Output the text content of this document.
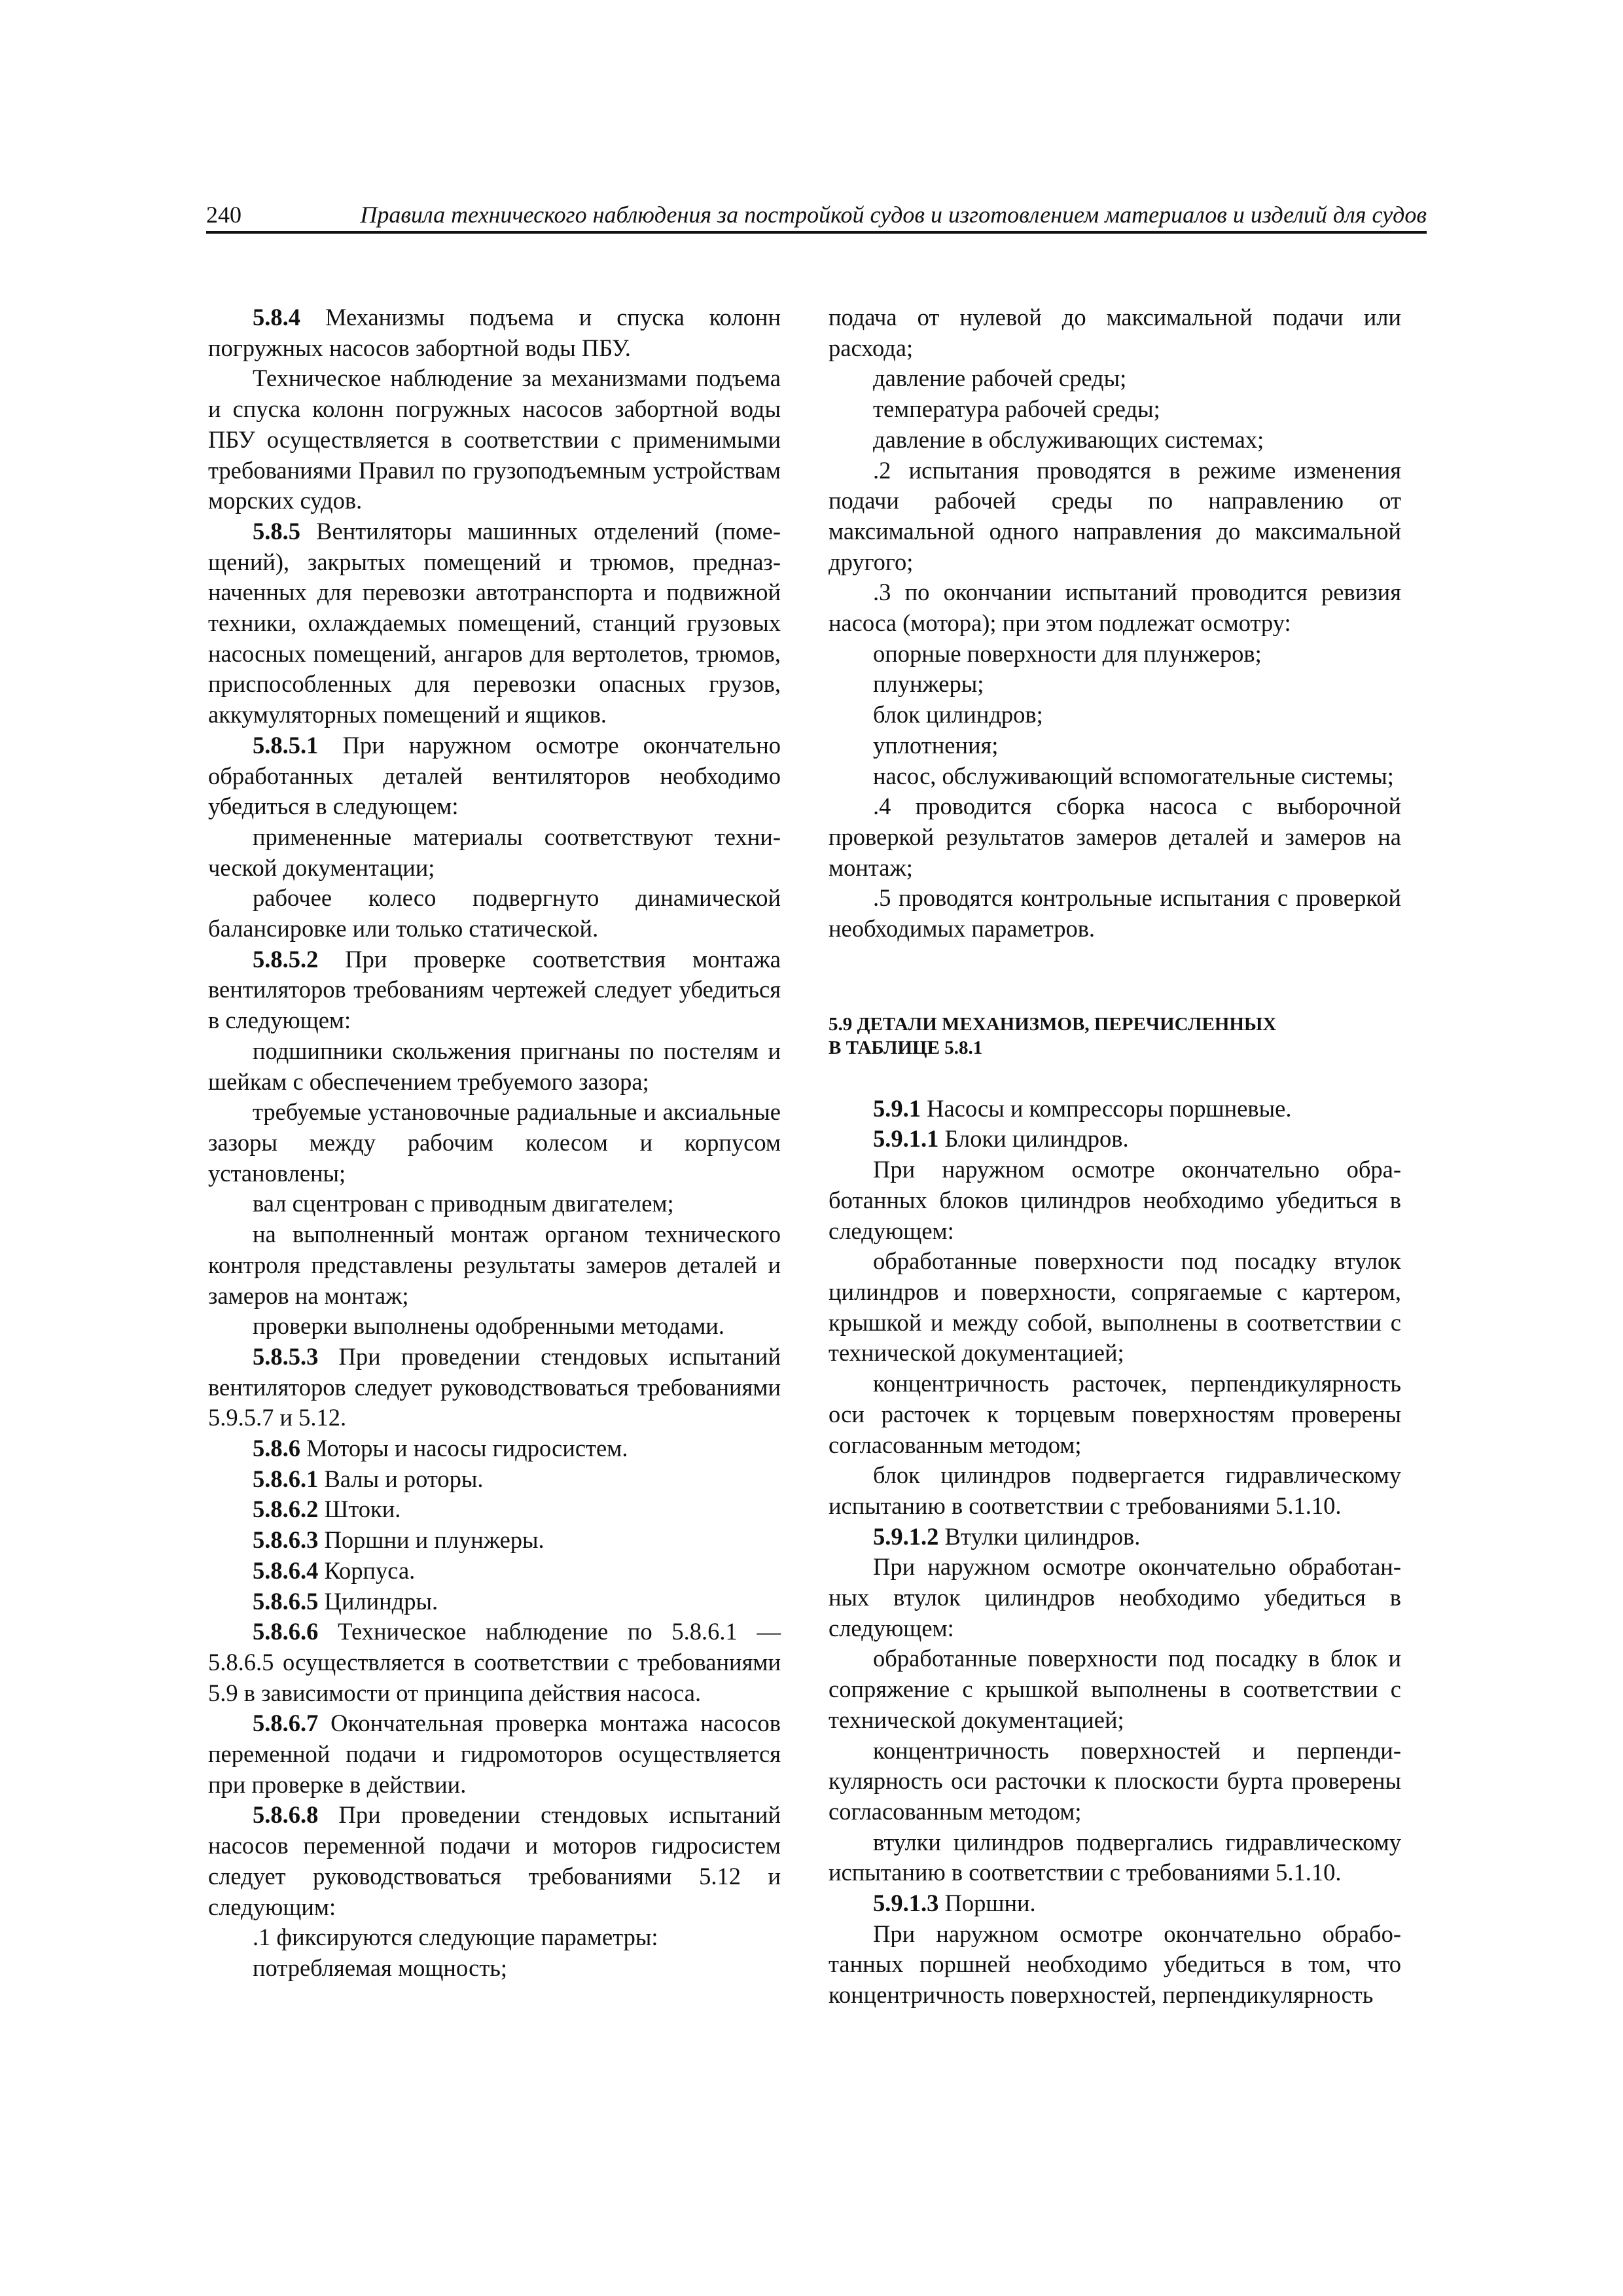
240	Правила технического наблюдения за постройкой судов и изготовлением материалов и изделий для судов

5.8.4 Механизмы подъема и спуска колонн погружных насосов забортной воды ПБУ.

Техническое наблюдение за механизмами подъема и спуска колонн погружных насосов забортной воды ПБУ осуществляется в соответствии с применимыми требованиями Правил по грузоподъемным устройствам морских судов.

5.8.5 Вентиляторы машинных отделений (помещений), закрытых помещений и трюмов, предназначенных для перевозки автотранспорта и подвижной техники, охлаждаемых помещений, станций грузовых насосных помещений, ангаров для вертолетов, трюмов, приспособленных для перевозки опасных грузов, аккумуляторных помещений и ящиков.

5.8.5.1 При наружном осмотре окончательно обработанных деталей вентиляторов необходимо убедиться в следующем:

примененные материалы соответствуют технической документации;

рабочее колесо подвергнуто динамической балансировке или только статической.

5.8.5.2 При проверке соответствия монтажа вентиляторов требованиям чертежей следует убедиться в следующем:

подшипники скольжения пригнаны по постелям и шейкам с обеспечением требуемого зазора;

требуемые установочные радиальные и аксиальные зазоры между рабочим колесом и корпусом установлены;

вал сцентрован с приводным двигателем;

на выполненный монтаж органом технического контроля представлены результаты замеров деталей и замеров на монтаж;

проверки выполнены одобренными методами.

5.8.5.3 При проведении стендовых испытаний вентиляторов следует руководствоваться требованиями 5.9.5.7 и 5.12.

5.8.6 Моторы и насосы гидросистем.

5.8.6.1 Валы и роторы.

5.8.6.2 Штоки.

5.8.6.3 Поршни и плунжеры.

5.8.6.4 Корпуса.

5.8.6.5 Цилиндры.

5.8.6.6 Техническое наблюдение по 5.8.6.1 — 5.8.6.5 осуществляется в соответствии с требованиями 5.9 в зависимости от принципа действия насоса.

5.8.6.7 Окончательная проверка монтажа насосов переменной подачи и гидромоторов осуществляется при проверке в действии.

5.8.6.8 При проведении стендовых испытаний насосов переменной подачи и моторов гидросистем следует руководствоваться требованиями 5.12 и следующим:

.1 фиксируются следующие параметры:

потребляемая мощность;

подача от нулевой до максимальной подачи или расхода;

давление рабочей среды;

температура рабочей среды;

давление в обслуживающих системах;

.2 испытания проводятся в режиме изменения подачи рабочей среды по направлению от максимальной одного направления до максимальной другого;

.3 по окончании испытаний проводится ревизия насоса (мотора); при этом подлежат осмотру:

опорные поверхности для плунжеров;

плунжеры;

блок цилиндров;

уплотнения;

насос, обслуживающий вспомогательные системы;

.4 проводится сборка насоса с выборочной проверкой результатов замеров деталей и замеров на монтаж;

.5 проводятся контрольные испытания с проверкой необходимых параметров.

5.9 ДЕТАЛИ МЕХАНИЗМОВ, ПЕРЕЧИСЛЕННЫХ
В ТАБЛИЦЕ 5.8.1

5.9.1 Насосы и компрессоры поршневые.

5.9.1.1 Блоки цилиндров.

При наружном осмотре окончательно обработанных блоков цилиндров необходимо убедиться в следующем:

обработанные поверхности под посадку втулок цилиндров и поверхности, сопрягаемые с картером, крышкой и между собой, выполнены в соответствии с технической документацией;

концентричность расточек, перпендикулярность оси расточек к торцевым поверхностям проверены согласованным методом;

блок цилиндров подвергается гидравлическому испытанию в соответствии с требованиями 5.1.10.

5.9.1.2 Втулки цилиндров.

При наружном осмотре окончательно обработанных втулок цилиндров необходимо убедиться в следующем:

обработанные поверхности под посадку в блок и сопряжение с крышкой выполнены в соответствии с технической документацией;

концентричность поверхностей и перпендикулярность оси расточки к плоскости бурта проверены согласованным методом;

втулки цилиндров подвергались гидравлическому испытанию в соответствии с требованиями 5.1.10.

5.9.1.3 Поршни.

При наружном осмотре окончательно обработанных поршней необходимо убедиться в том, что концентричность поверхностей, перпендикулярность
